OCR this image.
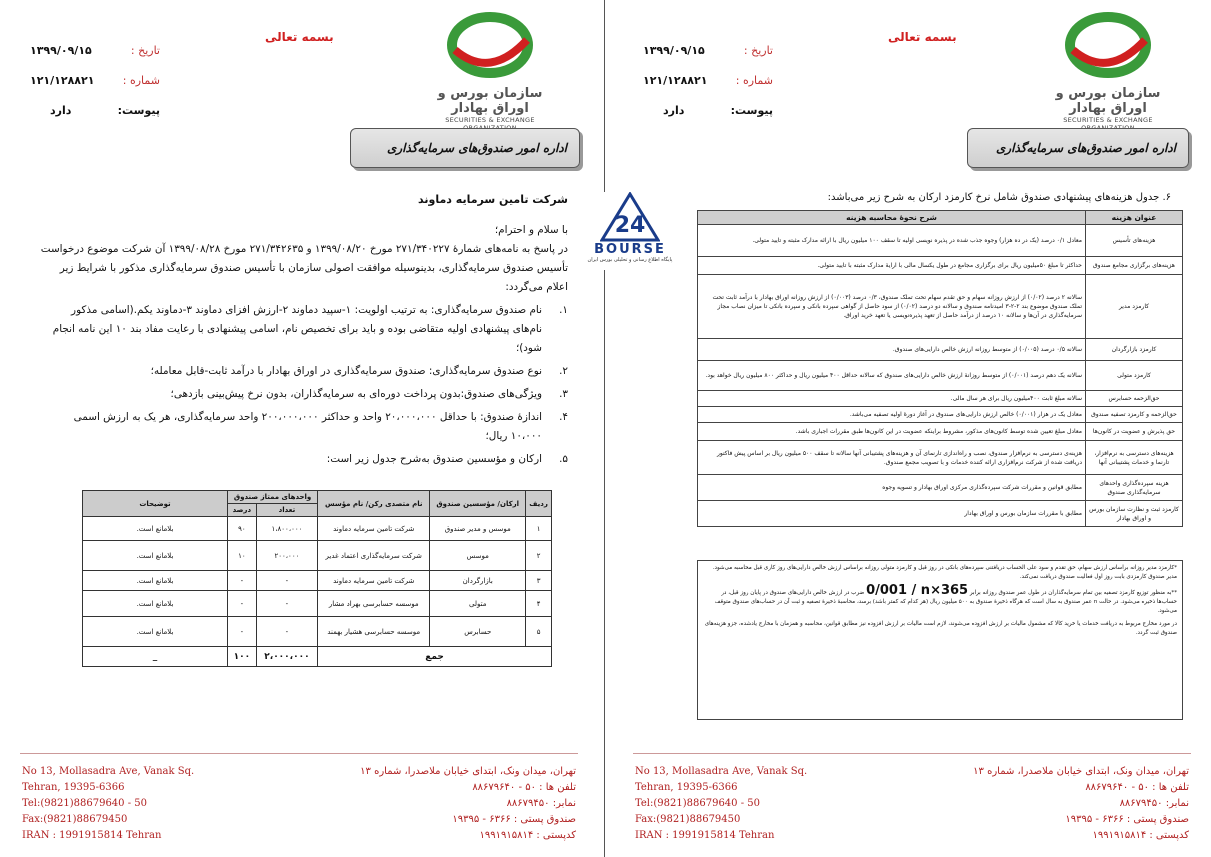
24
BOURSE
پایگاه اطلاع رسانی و تحلیلی بورس ایران
بسمه تعالی
سازمان بورس و اوراق بهادار
SECURITIES & EXCHANGE
تاریخ :
۱۳۹۹/۰۹/۱۵
شماره :
۱۲۱/۱۲۸۸۲۱
پیوست:
دارد
اداره امور صندوق‌های سرمایه‌گذاری

شرکت تامین سرمایه دماوند

با سلام و احترام؛

در پاسخ به نامه‌های شمارهٔ ۲۷۱/۳۴۰۲۲۷ مورخ ۱۳۹۹/۰۸/۲۰ و ۲۷۱/۳۴۲۶۳۵ مورخ ۱۳۹۹/۰۸/۲۸ آن شرکت موضوع درخواست تأسیس صندوق سرمایه‌گذاری، بدینوسیله موافقت اصولی سازمان با تأسیس صندوق سرمایه‌گذاری مذکور با شرایط زیر اعلام می‌گردد:

۱.
نام صندوق سرمایه‌گذاری: به ترتیب اولویت: ۱-سپید دماوند ۲-ارزش افزای دماوند ۳-دماوند یکم.(اسامی مذکور نام‌های پیشنهادی اولیه متقاضی بوده و باید برای تخصیص نام، اسامی پیشنهادی با رعایت مفاد بند ۱۰ این نامه انجام شود)؛
۲.
نوع صندوق سرمایه‌گذاری: صندوق سرمایه‌گذاری در اوراق بهادار با درآمد ثابت-قابل معامله؛
۳.
ویژگی‌های صندوق:بدون پرداخت دوره‌ای به سرمایه‌گذاران، بدون نرخ پیش‌بینی بازدهی؛
۴.
اندازهٔ صندوق: با حداقل ۲۰،۰۰۰،۰۰۰ واحد و حداکثر ۲۰۰،۰۰۰،۰۰۰ واحد سرمایه‌گذاری، هر یک به ارزش اسمی ۱۰،۰۰۰ ریال؛
۵.
ارکان و مؤسسین صندوق به‌شرح جدول زیر است:
ردیف	ارکان/ مؤسسین صندوق	نام متصدی رکن/ نام مؤسس	واحدهای ممتاز صندوق		توضیحات
			تعداد	درصد	
۱	موسس و مدیر صندوق	شرکت تامین سرمایه دماوند	۱،۸۰۰،۰۰۰	۹۰	بلامانع است.
۲	موسس	شرکت سرمایه‌گذاری اعتماد غدیر	۲۰۰،۰۰۰	۱۰	بلامانع است.
۳	بازارگردان	شرکت تامین سرمایه دماوند	-	-	بلامانع است.
۴	متولی	موسسه حسابرسی بهراد مشار	-	-	بلامانع است.
۵	حسابرس	موسسه حسابرسی هشیار بهمند	-	-	بلامانع است.
جمع			۲،۰۰۰،۰۰۰	۱۰۰	_
No 13, Mollasadra Ave, Vanak Sq.
Tehran, 19395-6366
Tel:(9821)88679640 - 50
Fax:(9821)88679450
IRAN : 1991915814 Tehran
تهران، میدان ونک، ابتدای خیابان ملاصدرا، شماره ۱۳
تلفن ها : ۵۰ - ۸۸۶۷۹۶۴۰
نمابر: ۸۸۶۷۹۴۵۰
صندوق پستی : ۶۳۶۶ - ۱۹۳۹۵
کدپستی : ۱۹۹۱۹۱۵۸۱۴
بسمه تعالی
سازمان بورس و اوراق بهادار
SECURITIES & EXCHANGE
تاریخ :
۱۳۹۹/۰۹/۱۵
شماره :
۱۲۱/۱۲۸۸۲۱
پیوست:
دارد
اداره امور صندوق‌های سرمایه‌گذاری
۶. جدول هزینه‌های پیشنهادی صندوق شامل نرخ کارمزد ارکان به شرح زیر می‌باشد:
عنوان هزینه	شرح نحوهٔ محاسبه هزینه
هزینه‌های تأسیس	معادل ۰/۱ درصد (یک در ده هزار) وجوه جذب شده در پذیره نویسی اولیه تا سقف ۱۰۰ میلیون ریال با ارائه مدارک مثبته و تایید متولی.
هزینه‌های برگزاری مجامع صندوق	حداکثر تا مبلغ ۵۰میلیون ریال برای برگزاری مجامع در طول یکسال مالی با ارایهٔ مدارک مثبته با تایید متولی.
کارمزد مدیر	سالانه ۲ درصد (۰/۰۲) از ارزش روزانه سهام و حق تقدم سهام تحت تملک صندوق، ۰/۳ درصد (۰/۰۰۳) از ارزش روزانه اوراق بهادار با درآمد ثابت تحت تملک صندوق موضوع بند ۲-۲-۳ امیدنامه صندوق و سالانه دو درصد (۰/۰۲) از سود حاصل از گواهی سپرده بانکی و سپرده بانکی تا میزان نصاب مجاز سرمایه‌گذاری در آن‌ها و سالانه ۱۰ درصد از درآمد حاصل از تعهد پذیره‌نویسی یا تعهد خرید اوراق.
کارمزد بازارگردان	سالانه ۰/۵ درصد (۰/۰۰۵) از متوسط روزانه ارزش خالص دارایی‌های صندوق.
کارمزد متولی	سالانه یک دهم درصد (۰/۰۰۱) از متوسط روزانهٔ ارزش خالص دارایی‌های صندوق که سالانه حداقل ۴۰۰ میلیون ریال و حداکثر ۸۰۰ میلیون ریال خواهد بود.
حق‌الزحمه حسابرس	سالانه مبلغ ثابت ۴۰۰میلیون ریال برای هر سال مالی.
حق‌الزحمه و کارمزد تصفیه صندوق	معادل یک در هزار (۰/۰۰۱) خالص ارزش دارایی‌های صندوق در آغاز دورهٔ اولیه تصفیه می‌باشد.
حق پذیرش و عضویت در کانون‌ها	معادل مبلغ تعیین شده توسط کانون‌های مذکور، مشروط براینکه عضویت در این کانون‌ها طبق مقررات اجباری باشد.
هزینه‌های دسترسی به نرم‌افزار، تارنما و خدمات پشتیبانی آنها	هزینه‌ی دسترسی به نرم‌افزار صندوق، نصب و راه‌اندازی تارنمای آن و هزینه‌های پشتیبانی آنها سالانه تا سقف ۵۰۰ میلیون ریال بر اساس پیش فاکتور دریافت شده از شرکت نرم‌افزاری ارائه کننده خدمات و با تصویب مجمع صندوق.
هزینه سپرده‌گذاری واحدهای سرمایه‌گذاری صندوق	مطابق قوانین و مقررات شرکت سپرده‌گذاری مرکزی اوراق بهادار و تسویه وجوه
کارمزد ثبت و نظارت سازمان بورس و اوراق بهادار	مطابق با مقررات سازمان بورس و اوراق بهادار

*کارمزد مدیر روزانه براساس ارزش سهام، حق تقدم و سود علی الحساب دریافتنی سپرده‌های بانکی در روز قبل و کارمزد متولی روزانه براساس ارزش خالص دارایی‌های روز کاری قبل محاسبه می‌شود. مدیر صندوق کارمزدی بابت روز اول فعالیت صندوق دریافت نمی‌کند.

**به منظور توزیع کارمزد تصفیه بین تمام سرمایه‌گذاران در طول عمر صندوق روزانه برابر 0/001 / n×365 ضرب در ارزش خالص دارایی‌های صندوق در پایان روز قبل، در حساب‌ها ذخیره می‌شود. در حالت n عمر صندوق به سال است که هرگاه ذخیرهٔ صندوق به ۵۰۰ میلیون ریال (هر کدام که کمتر باشد) برسد، محاسبهٔ ذخیرهٔ تصفیه و ثبت آن در حساب‌های صندوق متوقف می‌شود.

در مورد مخارج مربوط به دریافت خدمات یا خرید کالا که مشمول مالیات بر ارزش افزوده می‌شوند، لازم است مالیات بر ارزش افزوده نیز مطابق قوانین، محاسبه و همزمان با مخارج یادشده، جزو هزینه‌های صندوق ثبت گردد.

No 13, Mollasadra Ave, Vanak Sq.
Tehran, 19395-6366
Tel:(9821)88679640 - 50
Fax:(9821)88679450
IRAN : 1991915814 Tehran
تهران، میدان ونک، ابتدای خیابان ملاصدرا، شماره ۱۳
تلفن ها : ۵۰ - ۸۸۶۷۹۶۴۰
نمابر: ۸۸۶۷۹۴۵۰
صندوق پستی : ۶۳۶۶ - ۱۹۳۹۵
کدپستی : ۱۹۹۱۹۱۵۸۱۴
